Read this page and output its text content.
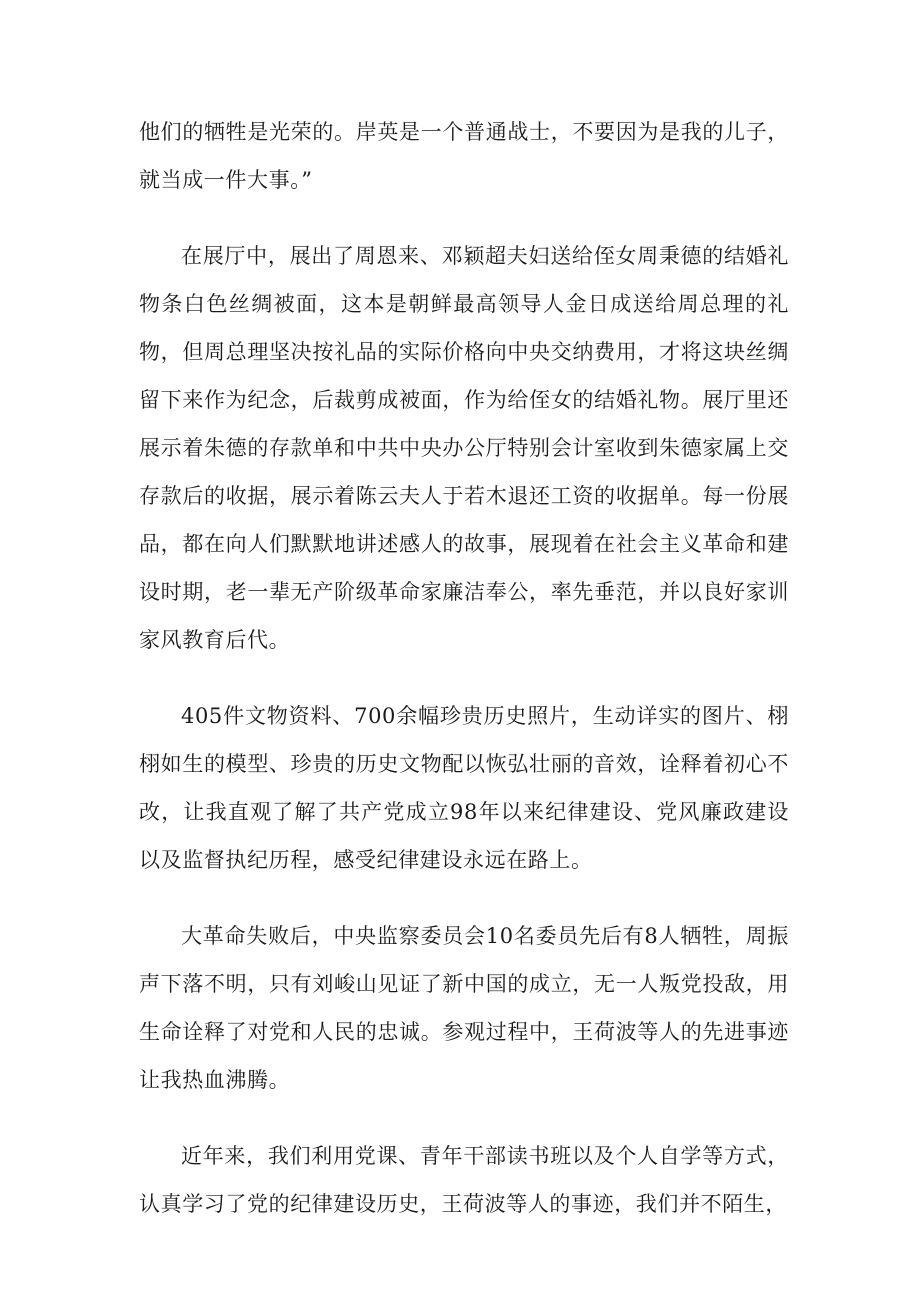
他们的牺牲是光荣的。岸英是一个普通战士，不要因为是我的儿子，就当成一件大事。”

在展厅中，展出了周恩来、邓颖超夫妇送给侄女周秉德的结婚礼物条白色丝绸被面，这本是朝鲜最高领导人金日成送给周总理的礼物，但周总理坚决按礼品的实际价格向中央交纳费用，才将这块丝绸留下来作为纪念，后裁剪成被面，作为给侄女的结婚礼物。展厅里还展示着朱德的存款单和中共中央办公厅特别会计室收到朱德家属上交存款后的收据，展示着陈云夫人于若木退还工资的收据单。每一份展品，都在向人们默默地讲述感人的故事，展现着在社会主义革命和建设时期，老一辈无产阶级革命家廉洁奉公，率先垂范，并以良好家训家风教育后代。

405件文物资料、700余幅珍贵历史照片，生动详实的图片、栩栩如生的模型、珍贵的历史文物配以恢弘壮丽的音效，诠释着初心不改，让我直观了解了共产党成立98年以来纪律建设、党风廉政建设以及监督执纪历程，感受纪律建设永远在路上。

大革命失败后，中央监察委员会10名委员先后有8人牺牲，周振声下落不明，只有刘峻山见证了新中国的成立，无一人叛党投敌，用生命诠释了对党和人民的忠诚。参观过程中，王荷波等人的先进事迹让我热血沸腾。

近年来，我们利用党课、青年干部读书班以及个人自学等方式，认真学习了党的纪律建设历史，王荷波等人的事迹，我们并不陌生，
